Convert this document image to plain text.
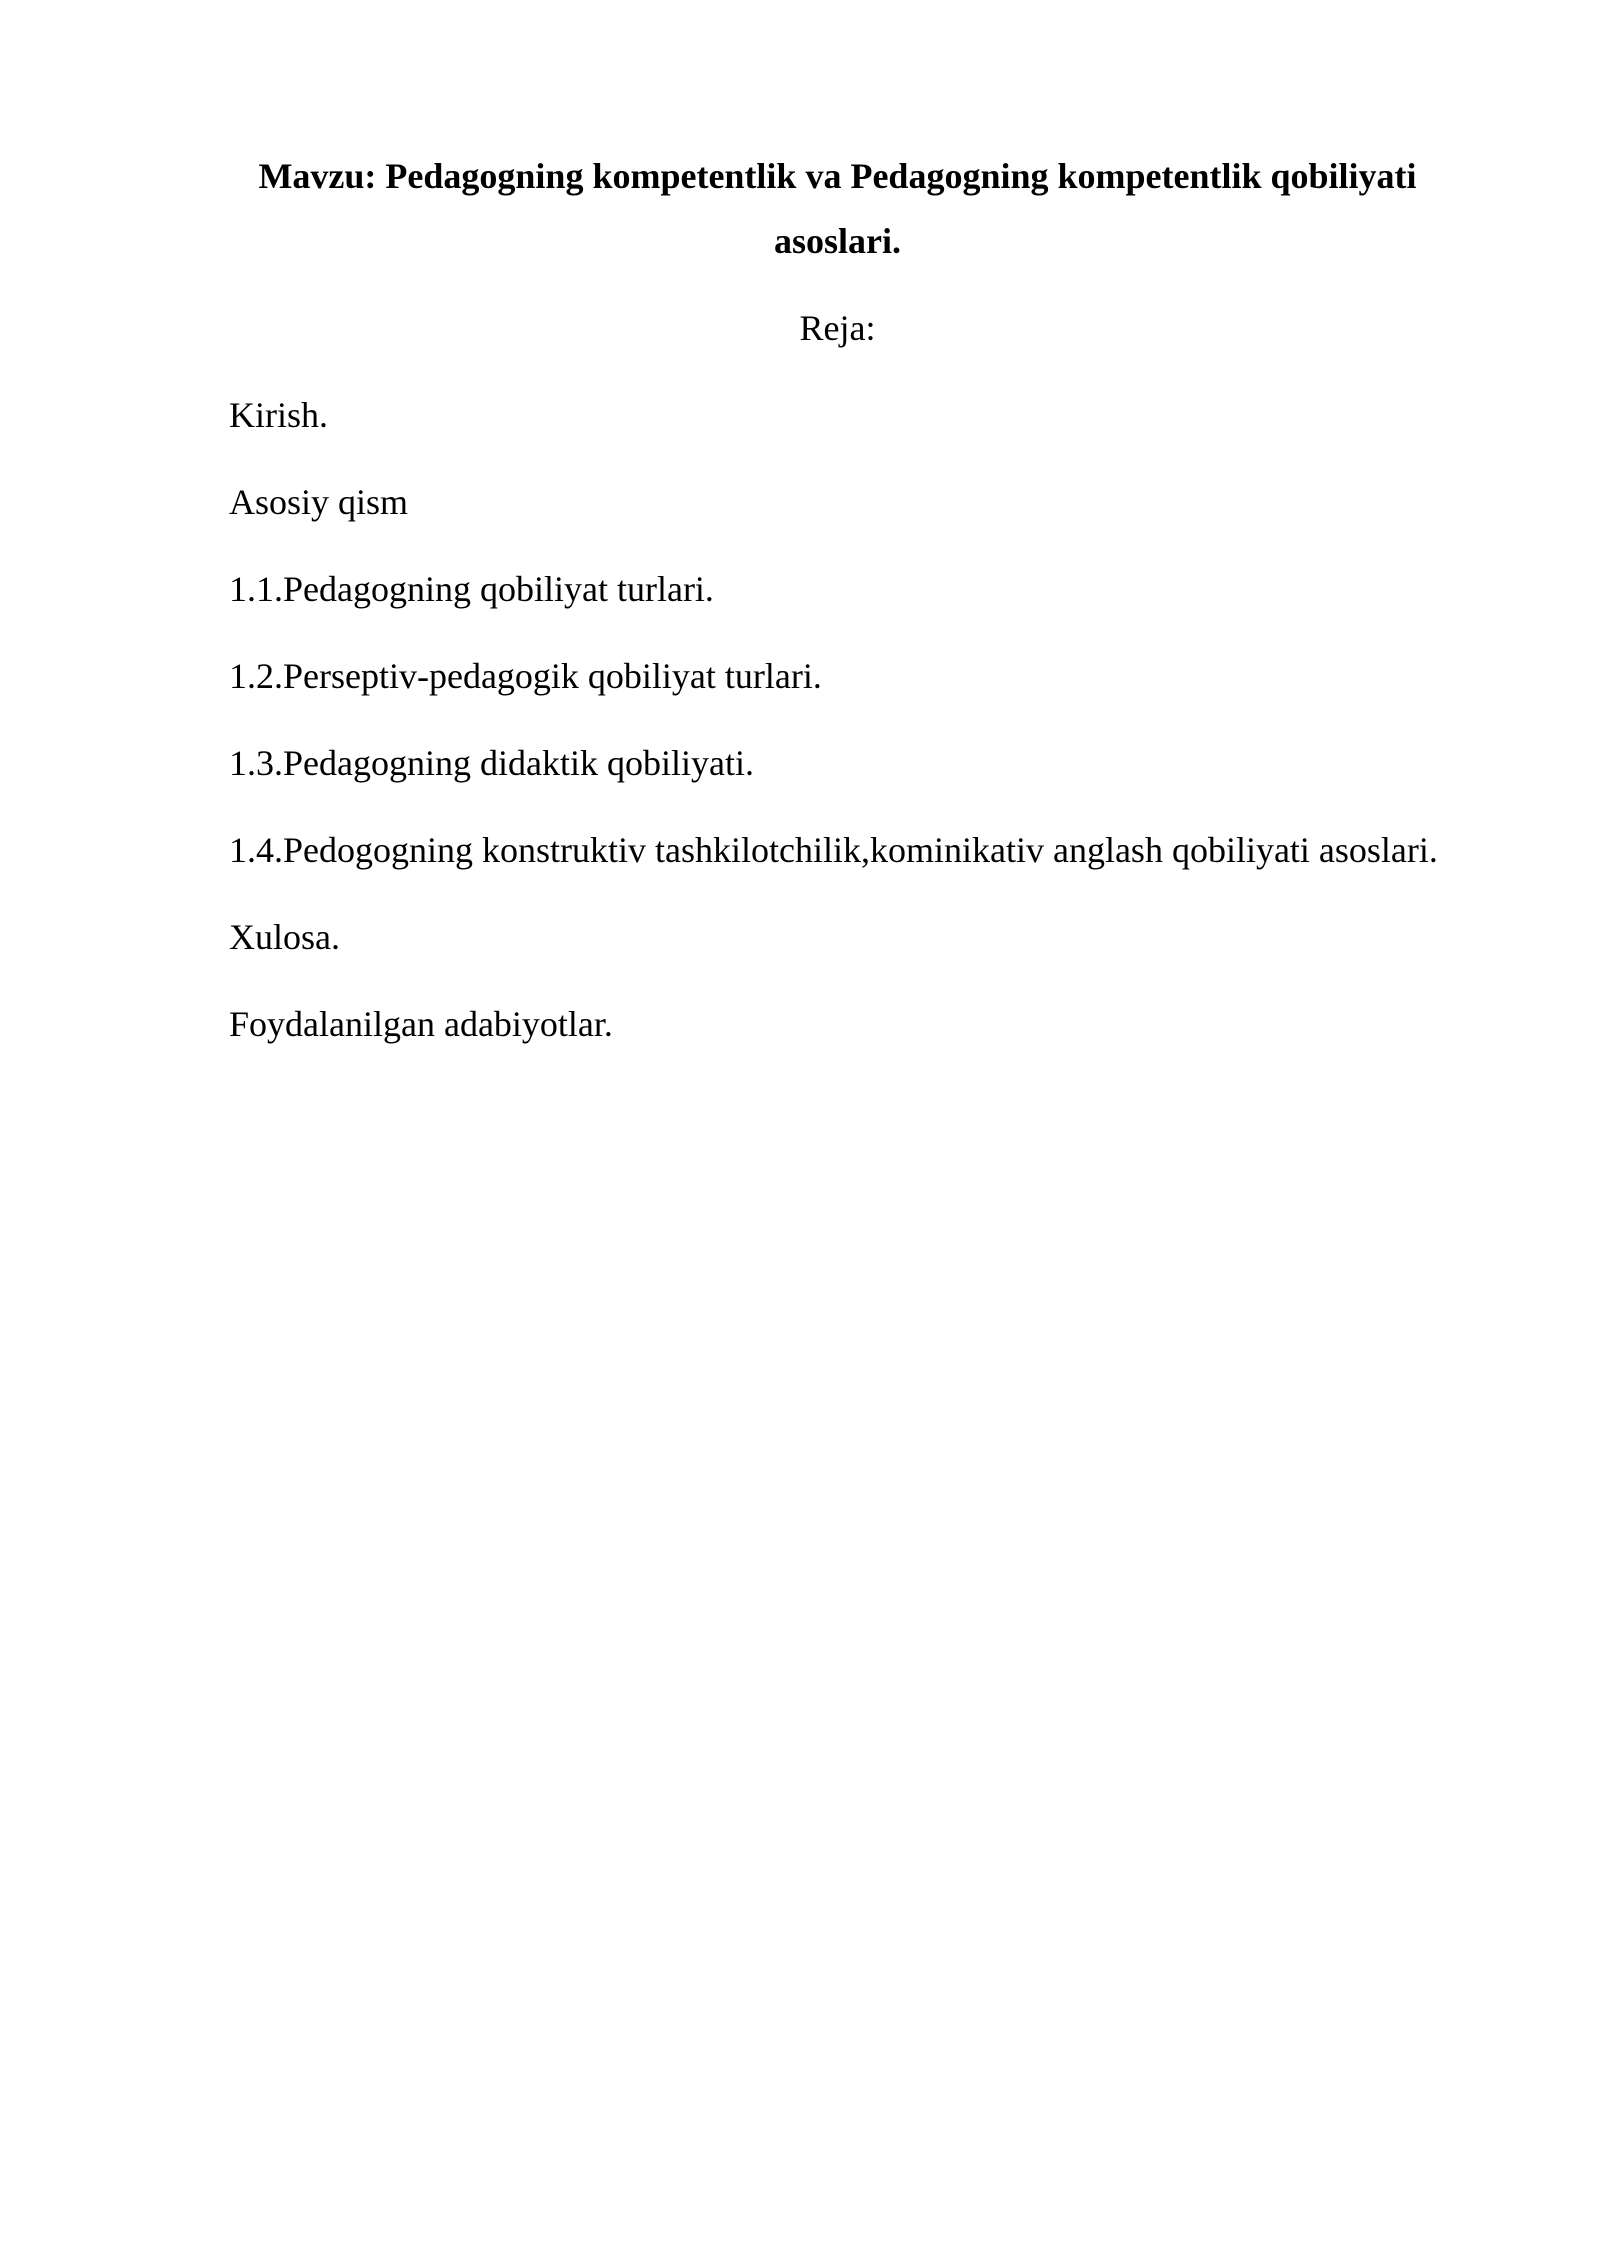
Mavzu: Pedagogning kompetentlik va Pedagogning kompetentlik qobiliyati asoslari.

Reja:

Kirish.

Asosiy qism

1.1.Pedagogning qobiliyat turlari.

1.2.Perseptiv-pedagogik qobiliyat turlari.

1.3.Pedagogning didaktik qobiliyati.

1.4.Pedogogning konstruktiv tashkilotchilik,kominikativ anglash qobiliyati asoslari.

Xulosa.

Foydalanilgan adabiyotlar.
